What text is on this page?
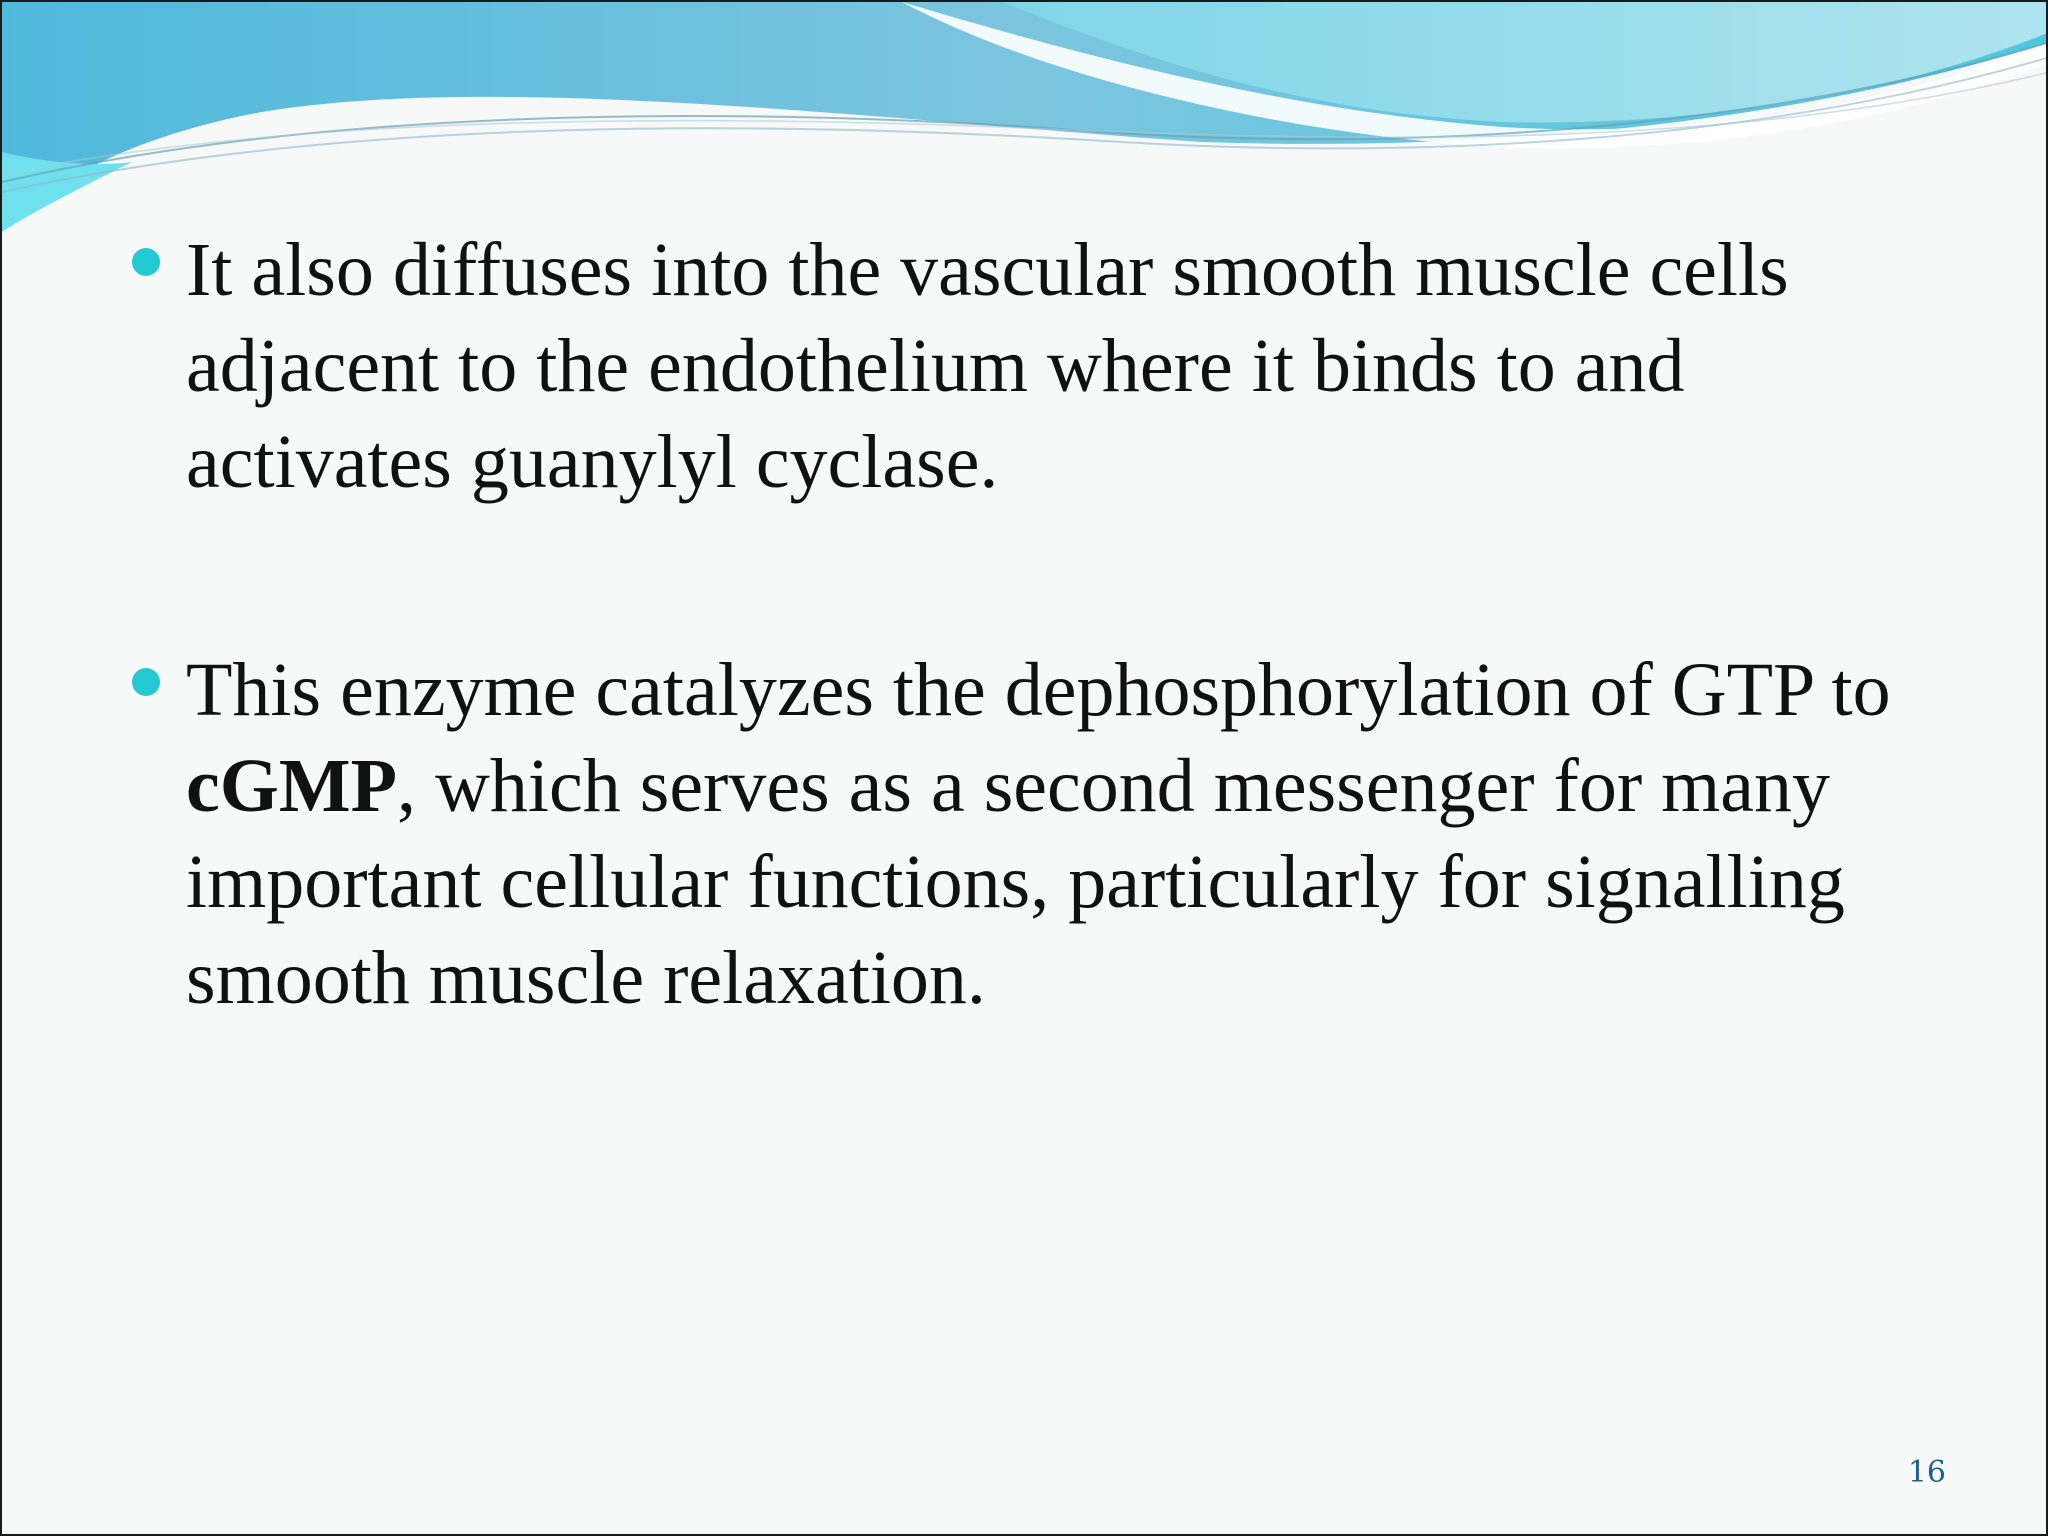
It also diffuses into the vascular smooth muscle cells adjacent to the endothelium where it binds to and activates guanylyl cyclase.
This enzyme catalyzes the dephosphorylation of GTP to cGMP, which serves as a second messenger for many important cellular functions, particularly for signalling smooth muscle relaxation.
16
